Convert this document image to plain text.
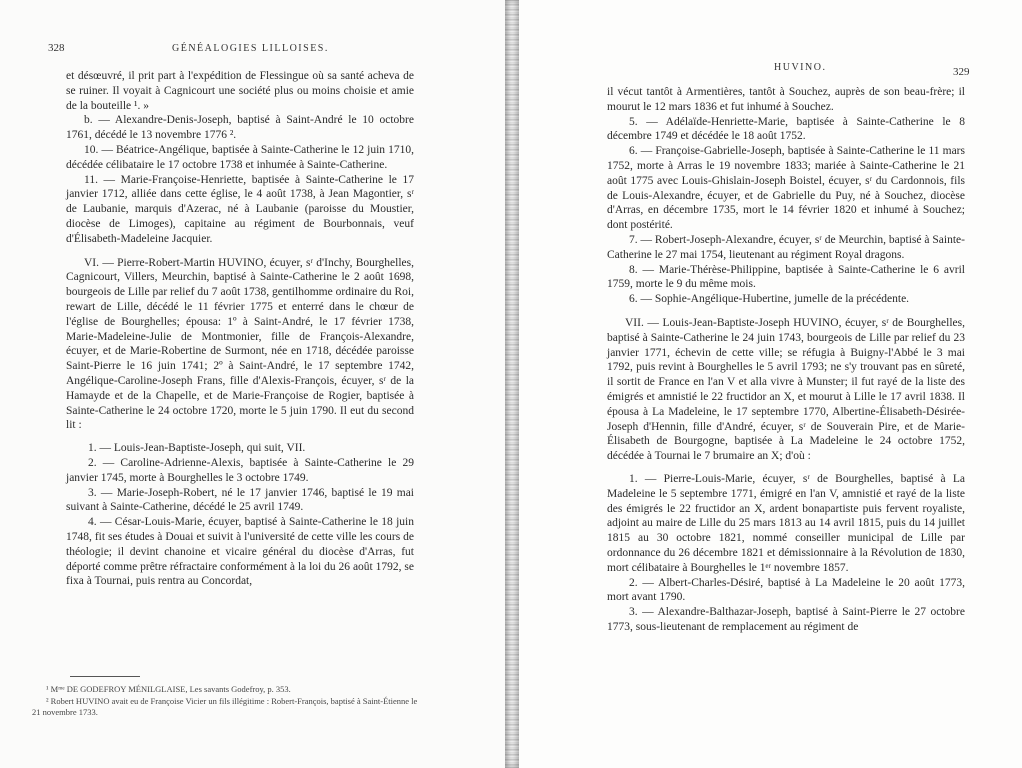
328	GÉNÉALOGIES LILLOISES.

et désœuvré, il prit part à l'expédition de Flessingue où sa santé acheva de se ruiner. Il voyait à Cagnicourt une société plus ou moins choisie et amie de la bouteille ¹. »

b. — Alexandre-Denis-Joseph, baptisé à Saint-André le 10 octobre 1761, décédé le 13 novembre 1776 ².

10. — Béatrice-Angélique, baptisée à Sainte-Catherine le 12 juin 1710, décédée célibataire le 17 octobre 1738 et inhumée à Sainte-Catherine.

11. — Marie-Françoise-Henriette, baptisée à Sainte-Catherine le 17 janvier 1712, alliée dans cette église, le 4 août 1738, à Jean Magontier, sʳ de Laubanie, marquis d'Azerac, né à Laubanie (paroisse du Moustier, diocèse de Limoges), capitaine au régiment de Bourbonnais, veuf d'Élisabeth-Madeleine Jacquier.

VI. — Pierre-Robert-Martin HUVINO, écuyer, sʳ d'Inchy, Bourghelles, Cagnicourt, Villers, Meurchin, baptisé à Sainte-Catherine le 2 août 1698, bourgeois de Lille par relief du 7 août 1738, gentilhomme ordinaire du Roi, rewart de Lille, décédé le 11 février 1775 et enterré dans le chœur de l'église de Bourghelles; épousa: 1º à Saint-André, le 17 février 1738, Marie-Madeleine-Julie de Montmonier, fille de François-Alexandre, écuyer, et de Marie-Robertine de Surmont, née en 1718, décédée paroisse Saint-Pierre le 16 juin 1741; 2º à Saint-André, le 17 septembre 1742, Angélique-Caroline-Joseph Frans, fille d'Alexis-François, écuyer, sʳ de la Hamayde et de la Chapelle, et de Marie-Françoise de Rogier, baptisée à Sainte-Catherine le 24 octobre 1720, morte le 5 juin 1790. Il eut du second lit :

1. — Louis-Jean-Baptiste-Joseph, qui suit, VII.

2. — Caroline-Adrienne-Alexis, baptisée à Sainte-Catherine le 29 janvier 1745, morte à Bourghelles le 3 octobre 1749.

3. — Marie-Joseph-Robert, né le 17 janvier 1746, baptisé le 19 mai suivant à Sainte-Catherine, décédé le 25 avril 1749.

4. — César-Louis-Marie, écuyer, baptisé à Sainte-Catherine le 18 juin 1748, fit ses études à Douai et suivit à l'université de cette ville les cours de théologie; il devint chanoine et vicaire général du diocèse d'Arras, fut déporté comme prêtre réfractaire conformément à la loi du 26 août 1792, se fixa à Tournai, puis rentra au Concordat,

¹ Mᵐᵉ DE GODEFROY MÉNILGLAISE, Les savants Godefroy, p. 353.

² Robert HUVINO avait eu de Françoise Vicier un fils illégitime : Robert-François, baptisé à Saint-Étienne le 21 novembre 1733.

HUVINO.	329

il vécut tantôt à Armentières, tantôt à Souchez, auprès de son beau-frère; il mourut le 12 mars 1836 et fut inhumé à Souchez.

5. — Adélaïde-Henriette-Marie, baptisée à Sainte-Catherine le 8 décembre 1749 et décédée le 18 août 1752.

6. — Françoise-Gabrielle-Joseph, baptisée à Sainte-Catherine le 11 mars 1752, morte à Arras le 19 novembre 1833; mariée à Sainte-Catherine le 21 août 1775 avec Louis-Ghislain-Joseph Boistel, écuyer, sʳ du Cardonnois, fils de Louis-Alexandre, écuyer, et de Gabrielle du Puy, né à Souchez, diocèse d'Arras, en décembre 1735, mort le 14 février 1820 et inhumé à Souchez; dont postérité.

7. — Robert-Joseph-Alexandre, écuyer, sʳ de Meurchin, baptisé à Sainte-Catherine le 27 mai 1754, lieutenant au régiment Royal dragons.

8. — Marie-Thérèse-Philippine, baptisée à Sainte-Catherine le 6 avril 1759, morte le 9 du même mois.

6. — Sophie-Angélique-Hubertine, jumelle de la précédente.

VII. — Louis-Jean-Baptiste-Joseph HUVINO, écuyer, sʳ de Bourghelles, baptisé à Sainte-Catherine le 24 juin 1743, bourgeois de Lille par relief du 23 janvier 1771, échevin de cette ville; se réfugia à Buigny-l'Abbé le 3 mai 1792, puis revint à Bourghelles le 5 avril 1793; ne s'y trouvant pas en sûreté, il sortit de France en l'an V et alla vivre à Munster; il fut rayé de la liste des émigrés et amnistié le 22 fructidor an X, et mourut à Lille le 17 avril 1838. Il épousa à La Madeleine, le 17 septembre 1770, Albertine-Élisabeth-Désirée-Joseph d'Hennin, fille d'André, écuyer, sʳ de Souverain Pire, et de Marie-Élisabeth de Bourgogne, baptisée à La Madeleine le 24 octobre 1752, décédée à Tournai le 7 brumaire an X; d'où :

1. — Pierre-Louis-Marie, écuyer, sʳ de Bourghelles, baptisé à La Madeleine le 5 septembre 1771, émigré en l'an V, amnistié et rayé de la liste des émigrés le 22 fructidor an X, ardent bonapartiste puis fervent royaliste, adjoint au maire de Lille du 25 mars 1813 au 14 avril 1815, puis du 14 juillet 1815 au 30 octobre 1821, nommé conseiller municipal de Lille par ordonnance du 26 décembre 1821 et démissionnaire à la Révolution de 1830, mort célibataire à Bourghelles le 1ᵉʳ novembre 1857.

2. — Albert-Charles-Désiré, baptisé à La Madeleine le 20 août 1773, mort avant 1790.

3. — Alexandre-Balthazar-Joseph, baptisé à Saint-Pierre le 27 octobre 1773, sous-lieutenant de remplacement au régiment de
